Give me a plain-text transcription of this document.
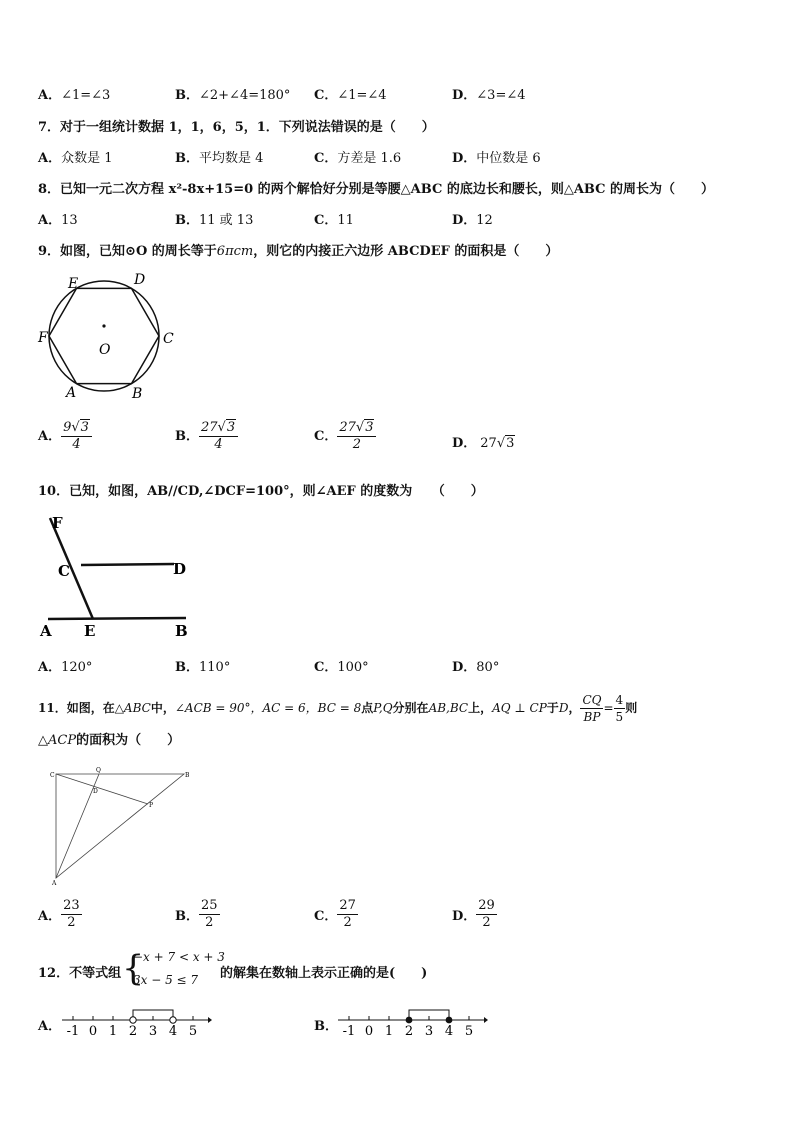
A．∠1=∠3	B．∠2+∠4=180° C．∠1=∠4	D．∠3=∠4
7．对于一组统计数据 1，1，6，5，1．下列说法错误的是（　　）
A．众数是 1	B．平均数是 4	C．方差是 1.6	D．中位数是 6
8．已知一元二次方程 x²-8x+15=0 的两个解恰好分别是等腰△ABC 的底边长和腰长，则△ABC 的周长为（　　）
A．13	B．11 或 13	C．11	D．12
9．如图，已知⊙O 的周长等于6πcm，则它的内接正六边形 ABCDEF 的面积是（　　）
E	D
F	C
O
A	B
A． $\frac{9√3}{4}$	B． $\frac{27√3}{4}$	C． $\frac{27√3}{2}$	D． 27√3
10．已知，如图，AB//CD,∠DCF=100°，则∠AEF 的度数为　　（　　）
F
C	D
A E	B
A．120°	B．110°	C．100°	D．80°
11．如图，在△ABC中，∠ACB = 90°，AC = 6，BC = 8点P,Q分别在AB,BC上，AQ ⊥ CP于D， $\frac{CQ}{BP} = \frac{4}{5}$ 则
△ACP的面积为（　　）
C
Q
B
D
P
A
A． $\frac{23}{2}$	B． $\frac{25}{2}$	C． $\frac{27}{2}$	D． $\frac{29}{2}$
12．不等式组 {
−x + 7 < x + 3
3x − 5 ≤ 7 的解集在数轴上表示正确的是(　　)
A． -1 0 1 2 3 4 5	B． -1 0 1 2 3 4 5
